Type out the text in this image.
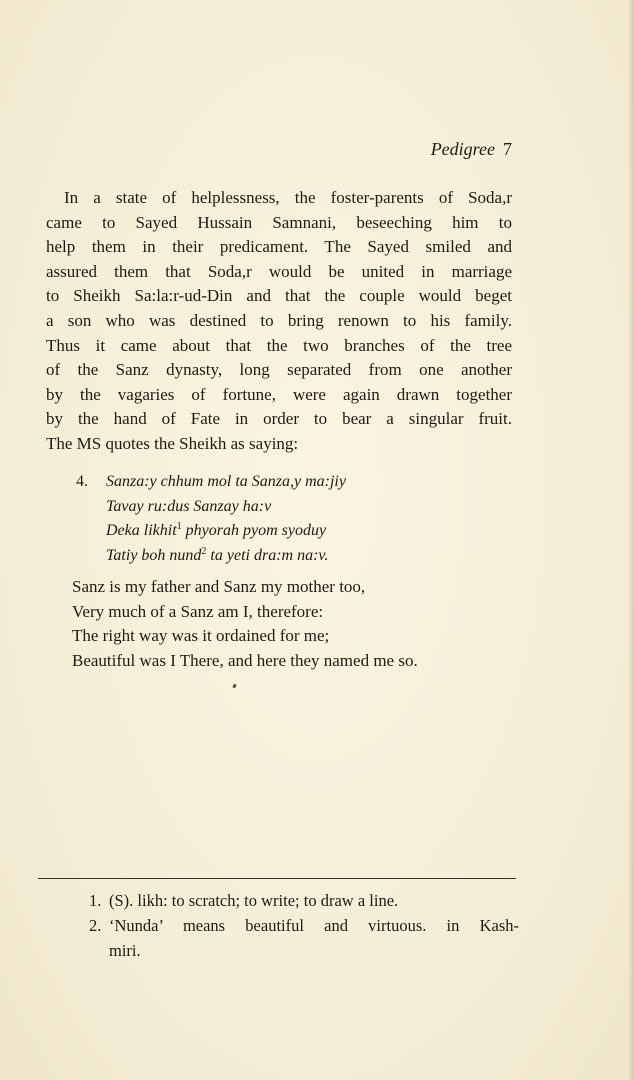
Pedigree 7
In a state of helplessness, the foster-parents of Soda,r
came to Sayed Hussain Samnani, beseeching him to
help them in their predicament. The Sayed smiled and
assured them that Soda,r would be united in marriage
to Sheikh Sa:la:r-ud-Din and that the couple would beget
a son who was destined to bring renown to his family.
Thus it came about that the two branches of the tree
of the Sanz dynasty, long separated from one another
by the vagaries of fortune, were again drawn together
by the hand of Fate in order to bear a singular fruit.
The MS quotes the Sheikh as saying:
4. Sanza:y chhum mol ta Sanza,y ma:jiy
Tavay ru:dus Sanzay ha:v
Deka likhit$^1$ phyorah pyom syoduy
Tatiy boh nund$^2$ ta yeti dra:m na:v.
Sanz is my father and Sanz my mother too,
Very much of a Sanz am I, therefore:
The right way was it ordained for me;
Beautiful was I There, and here they named me so.
1. (S). likh: to scratch; to write; to draw a line.
2. ‘Nunda’ means beautiful and virtuous. in Kash-
miri.
